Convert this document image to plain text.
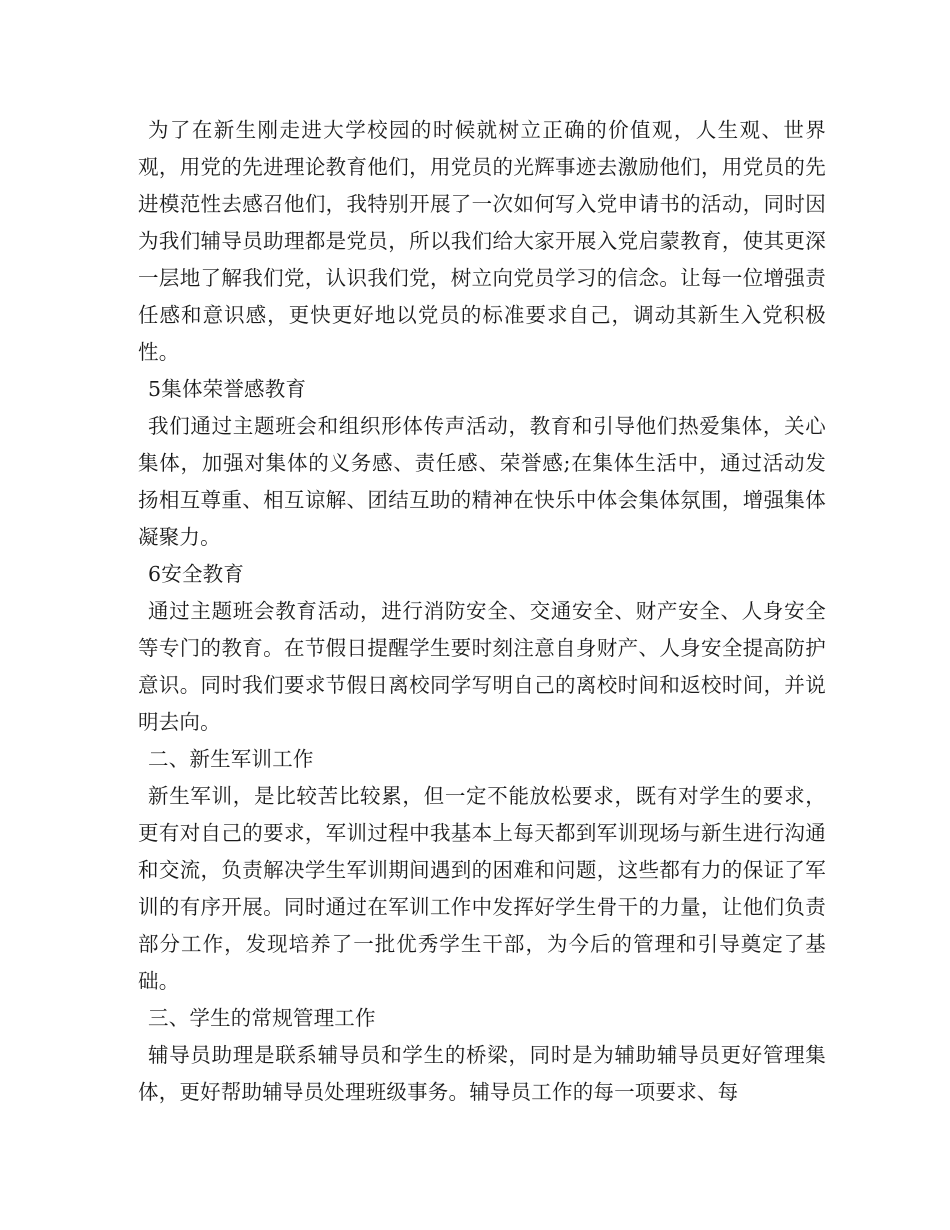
为了在新生刚走进大学校园的时候就树立正确的价值观，人生观、世界观，用党的先进理论教育他们，用党员的光辉事迹去激励他们，用党员的先进模范性去感召他们，我特别开展了一次如何写入党申请书的活动，同时因为我们辅导员助理都是党员，所以我们给大家开展入党启蒙教育，使其更深一层地了解我们党，认识我们党，树立向党员学习的信念。让每一位增强责任感和意识感，更快更好地以党员的标准要求自己，调动其新生入党积极性。

5集体荣誉感教育

我们通过主题班会和组织形体传声活动，教育和引导他们热爱集体，关心集体，加强对集体的义务感、责任感、荣誉感;在集体生活中，通过活动发扬相互尊重、相互谅解、团结互助的精神在快乐中体会集体氛围，增强集体凝聚力。

6安全教育

通过主题班会教育活动，进行消防安全、交通安全、财产安全、人身安全等专门的教育。在节假日提醒学生要时刻注意自身财产、人身安全提高防护意识。同时我们要求节假日离校同学写明自己的离校时间和返校时间，并说明去向。

二、新生军训工作

新生军训，是比较苦比较累，但一定不能放松要求，既有对学生的要求，更有对自己的要求，军训过程中我基本上每天都到军训现场与新生进行沟通和交流，负责解决学生军训期间遇到的困难和问题，这些都有力的保证了军训的有序开展。同时通过在军训工作中发挥好学生骨干的力量，让他们负责部分工作，发现培养了一批优秀学生干部，为今后的管理和引导奠定了基础。

三、学生的常规管理工作

辅导员助理是联系辅导员和学生的桥梁，同时是为辅助辅导员更好管理集体，更好帮助辅导员处理班级事务。辅导员工作的每一项要求、每
